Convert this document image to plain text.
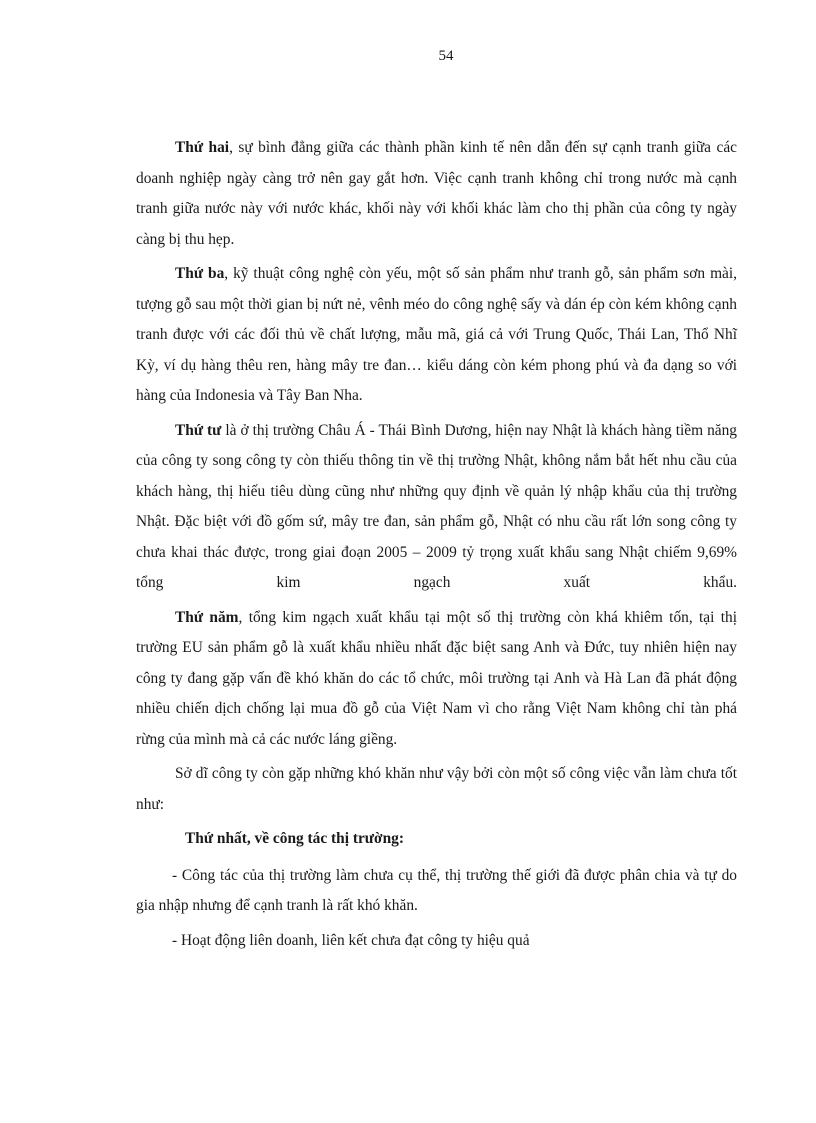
54

Thứ hai, sự bình đẳng giữa các thành phần kinh tế nên dẫn đến sự cạnh tranh giữa các doanh nghiệp ngày càng trở nên gay gắt hơn. Việc cạnh tranh không chỉ trong nước mà cạnh tranh giữa nước này với nước khác, khối này với khối khác làm cho thị phần của công ty ngày càng bị thu hẹp.

Thứ ba, kỹ thuật công nghệ còn yếu, một số sản phẩm như tranh gỗ, sản phẩm sơn mài, tượng gỗ sau một thời gian bị nứt nẻ, vênh méo do công nghệ sấy và dán ép còn kém không cạnh tranh được với các đối thủ về chất lượng, mẫu mã, giá cả với Trung Quốc, Thái Lan, Thổ Nhĩ Kỳ, ví dụ hàng thêu ren, hàng mây tre đan… kiểu dáng còn kém phong phú và đa dạng so với hàng của Indonesia và Tây Ban Nha.

Thứ tư là ở thị trường Châu Á - Thái Bình Dương, hiện nay Nhật là khách hàng tiềm năng của công ty song công ty còn thiếu thông tin về thị trường Nhật, không nắm bắt hết nhu cầu của khách hàng, thị hiếu tiêu dùng cũng như những quy định về quản lý nhập khẩu của thị trường Nhật. Đặc biệt với đồ gốm sứ, mây tre đan, sản phẩm gỗ, Nhật có nhu cầu rất lớn song công ty chưa khai thác được, trong giai đoạn 2005 – 2009 tỷ trọng xuất khẩu sang Nhật chiếm 9,69% tổng kim ngạch xuất khẩu.

Thứ năm, tổng kim ngạch xuất khẩu tại một số thị trường còn khá khiêm tốn, tại thị trường EU sản phẩm gỗ là xuất khẩu nhiều nhất đặc biệt sang Anh và Đức, tuy nhiên hiện nay công ty đang gặp vấn đề khó khăn do các tổ chức, môi trường tại Anh và Hà Lan đã phát động nhiều chiến dịch chống lại mua đồ gỗ của Việt Nam vì cho rằng Việt Nam không chỉ tàn phá rừng của mình mà cả các nước láng giềng.

Sở dĩ công ty còn gặp những khó khăn như vậy bởi còn một số công việc vẫn làm chưa tốt như:

Thứ nhất, về công tác thị trường:

- Công tác của thị trường làm chưa cụ thể, thị trường thế giới đã được phân chia và tự do gia nhập nhưng để cạnh tranh là rất khó khăn.

- Hoạt động liên doanh, liên kết chưa đạt công ty hiệu quả
